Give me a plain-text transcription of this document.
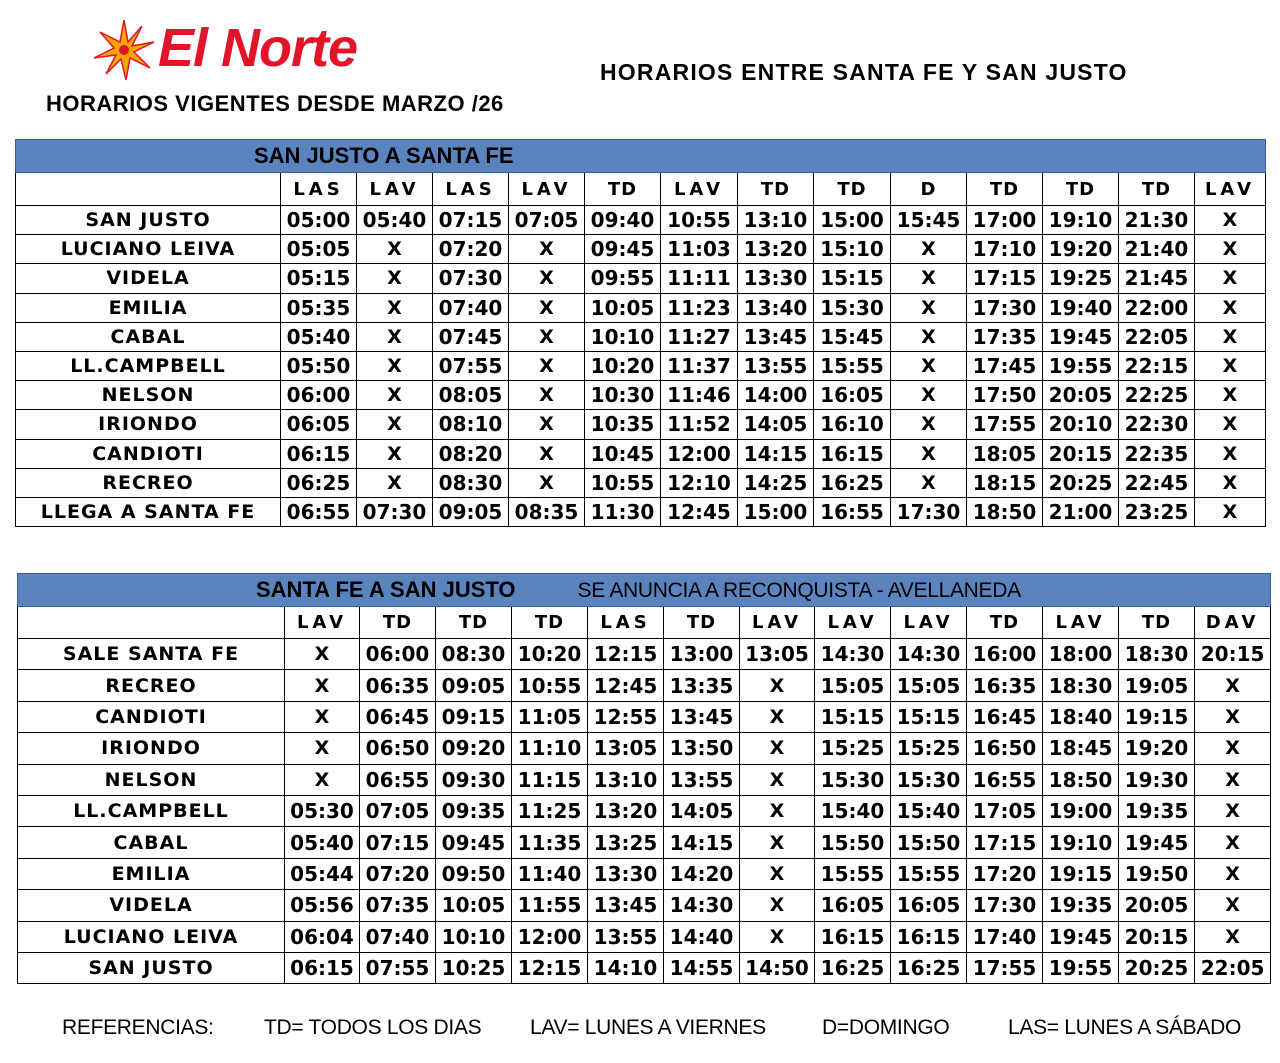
El Norte
HORARIOS VIGENTES DESDE MARZO /26
HORARIOS ENTRE SANTA FE Y SAN JUSTO
SAN JUSTO A SANTA FE													
	LAS	LAV	LAS	LAV	TD	LAV	TD	TD	D	TD	TD	TD	LAV
SAN JUSTO	05:00	05:40	07:15	07:05	09:40	10:55	13:10	15:00	15:45	17:00	19:10	21:30	X
LUCIANO LEIVA	05:05	X	07:20	X	09:45	11:03	13:20	15:10	X	17:10	19:20	21:40	X
VIDELA	05:15	X	07:30	X	09:55	11:11	13:30	15:15	X	17:15	19:25	21:45	X
EMILIA	05:35	X	07:40	X	10:05	11:23	13:40	15:30	X	17:30	19:40	22:00	X
CABAL	05:40	X	07:45	X	10:10	11:27	13:45	15:45	X	17:35	19:45	22:05	X
LL.CAMPBELL	05:50	X	07:55	X	10:20	11:37	13:55	15:55	X	17:45	19:55	22:15	X
NELSON	06:00	X	08:05	X	10:30	11:46	14:00	16:05	X	17:50	20:05	22:25	X
IRIONDO	06:05	X	08:10	X	10:35	11:52	14:05	16:10	X	17:55	20:10	22:30	X
CANDIOTI	06:15	X	08:20	X	10:45	12:00	14:15	16:15	X	18:05	20:15	22:35	X
RECREO	06:25	X	08:30	X	10:55	12:10	14:25	16:25	X	18:15	20:25	22:45	X
LLEGA A SANTA FE	06:55	07:30	09:05	08:35	11:30	12:45	15:00	16:55	17:30	18:50	21:00	23:25	X
SANTA FE A SAN JUSTO SE ANUNCIA A RECONQUISTA - AVELLANEDA													
	LAV	TD	TD	TD	LAS	TD	LAV	LAV	LAV	TD	LAV	TD	DAV
SALE SANTA FE	X	06:00	08:30	10:20	12:15	13:00	13:05	14:30	14:30	16:00	18:00	18:30	20:15
RECREO	X	06:35	09:05	10:55	12:45	13:35	X	15:05	15:05	16:35	18:30	19:05	X
CANDIOTI	X	06:45	09:15	11:05	12:55	13:45	X	15:15	15:15	16:45	18:40	19:15	X
IRIONDO	X	06:50	09:20	11:10	13:05	13:50	X	15:25	15:25	16:50	18:45	19:20	X
NELSON	X	06:55	09:30	11:15	13:10	13:55	X	15:30	15:30	16:55	18:50	19:30	X
LL.CAMPBELL	05:30	07:05	09:35	11:25	13:20	14:05	X	15:40	15:40	17:05	19:00	19:35	X
CABAL	05:40	07:15	09:45	11:35	13:25	14:15	X	15:50	15:50	17:15	19:10	19:45	X
EMILIA	05:44	07:20	09:50	11:40	13:30	14:20	X	15:55	15:55	17:20	19:15	19:50	X
VIDELA	05:56	07:35	10:05	11:55	13:45	14:30	X	16:05	16:05	17:30	19:35	20:05	X
LUCIANO LEIVA	06:04	07:40	10:10	12:00	13:55	14:40	X	16:15	16:15	17:40	19:45	20:15	X
SAN JUSTO	06:15	07:55	10:25	12:15	14:10	14:55	14:50	16:25	16:25	17:55	19:55	20:25	22:05
REFERENCIAS: TD= TODOS LOS DIAS LAV= LUNES A VIERNES	D=DOMINGO	LAS= LUNES A SÁBADO
